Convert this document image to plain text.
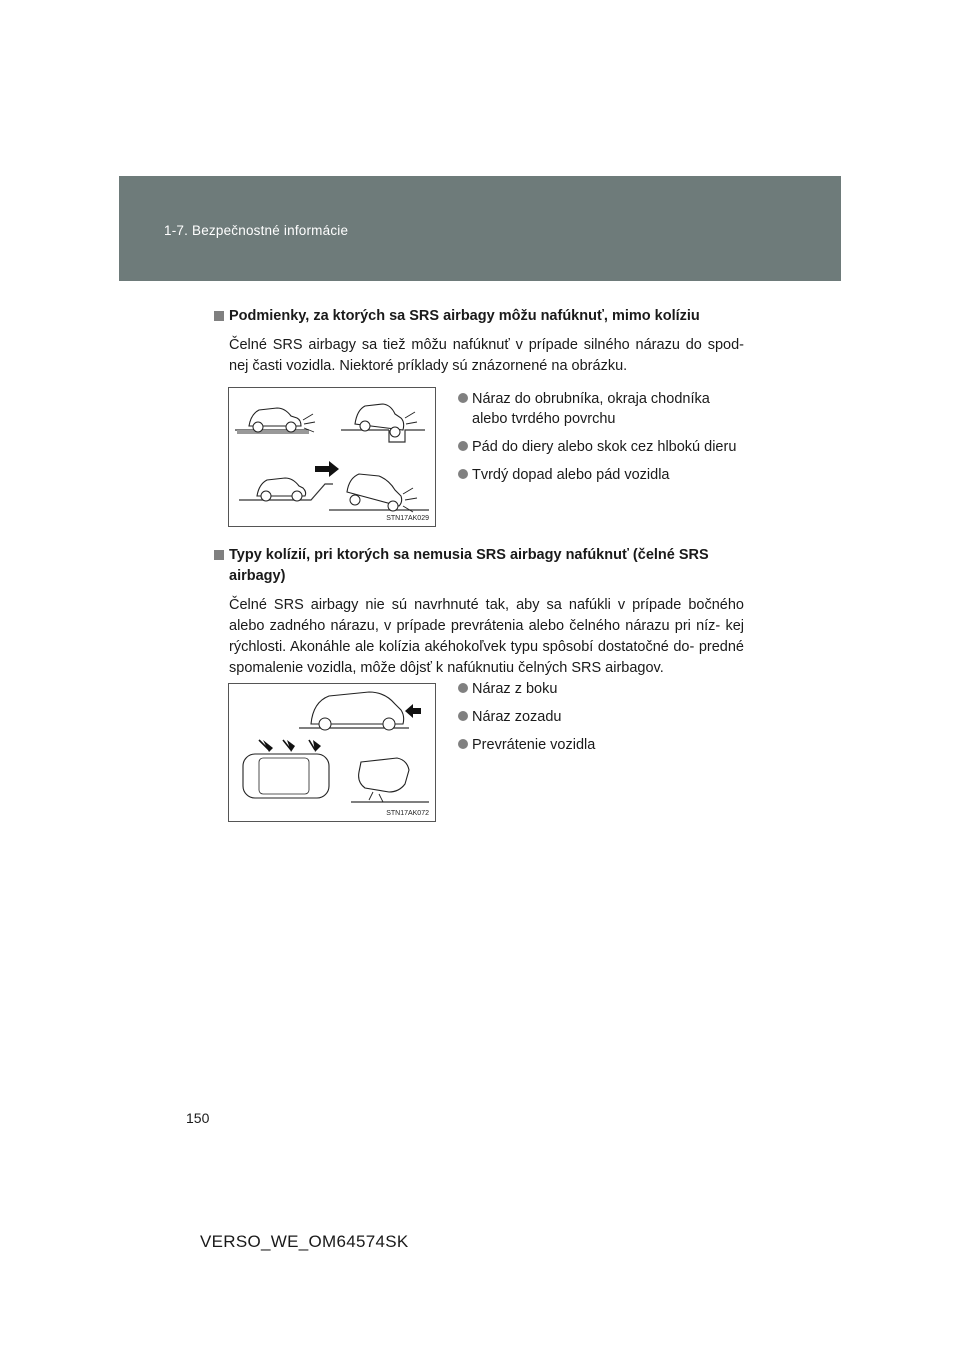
1-7. Bezpečnostné informácie
Podmienky, za ktorých sa SRS airbagy môžu nafúknuť, mimo kolíziu
Čelné SRS airbagy sa tiež môžu nafúknuť v prípade silného nárazu do spod- nej časti vozidla. Niektoré príklady sú znázornené na obrázku.
STN17AK029
Náraz do obrubníka, okraja chodníka alebo tvrdého povrchu
Pád do diery alebo skok cez hlbokú dieru
Tvrdý dopad alebo pád vozidla
Typy kolízií, pri ktorých sa nemusia SRS airbagy nafúknuť (čelné SRS airbagy)
Čelné SRS airbagy nie sú navrhnuté tak, aby sa nafúkli v prípade bočného alebo zadného nárazu, v prípade prevrátenia alebo čelného nárazu pri níz- kej rýchlosti. Akonáhle ale kolízia akéhokoľvek typu spôsobí dostatočné do- predné spomalenie vozidla, môže dôjsť k nafúknutiu čelných SRS airbagov.
STN17AK072
Náraz z boku
Náraz zozadu
Prevrátenie vozidla
150
VERSO_WE_OM64574SK
